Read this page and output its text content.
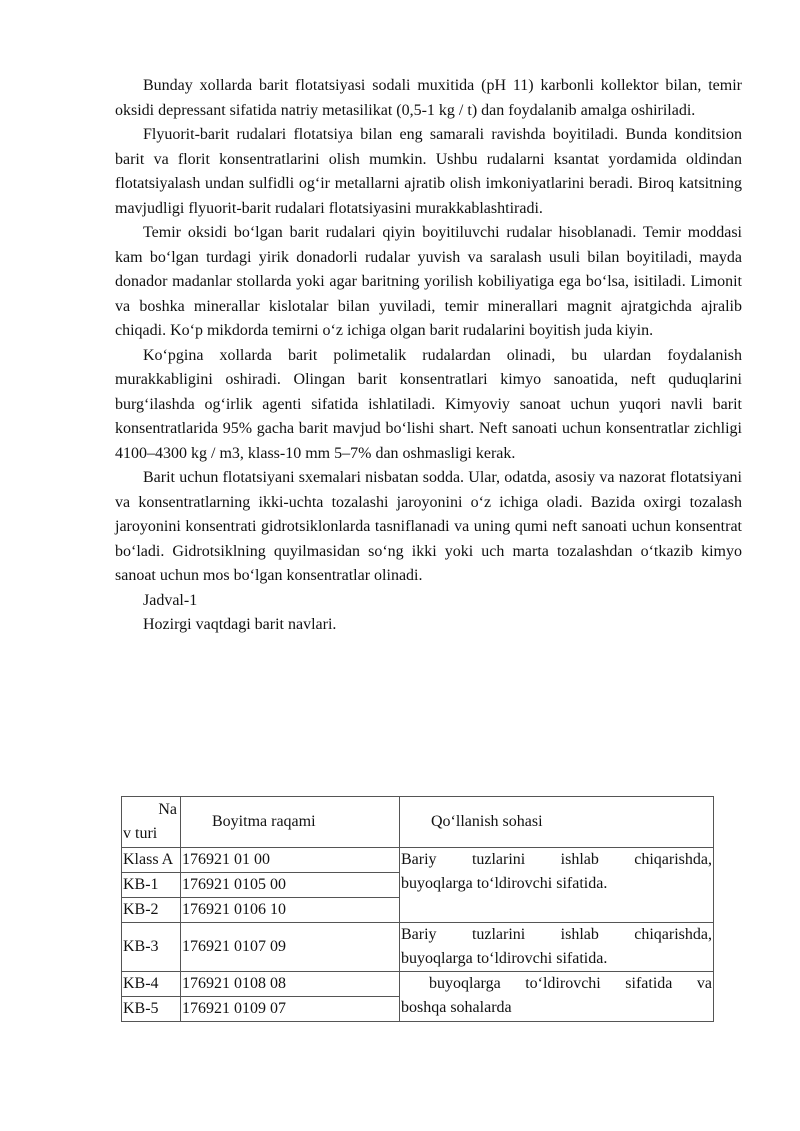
Bunday xollarda barit flotatsiyasi sodali muxitida (pH 11) karbonli kollektor bilan, temir oksidi depressant sifatida natriy metasilikat (0,5-1 kg / t) dan foydalanib amalga oshiriladi.

Flyuorit-barit rudalari flotatsiya bilan eng samarali ravishda boyitiladi. Bunda konditsion barit va florit konsentratlarini olish mumkin. Ushbu rudalarni ksantat yordamida oldindan flotatsiyalash undan sulfidli og‘ir metallarni ajratib olish imkoniyatlarini beradi. Biroq katsitning mavjudligi flyuorit-barit rudalari flotatsiyasini murakkablashtiradi.

Temir oksidi bo‘lgan barit rudalari qiyin boyitiluvchi rudalar hisoblanadi. Temir moddasi kam bo‘lgan turdagi yirik donadorli rudalar yuvish va saralash usuli bilan boyitiladi, mayda donador madanlar stollarda yoki agar baritning yorilish kobiliyatiga ega bo‘lsa, isitiladi. Limonit va boshka minerallar kislotalar bilan yuviladi, temir minerallari magnit ajratgichda ajralib chiqadi. Ko‘p mikdorda temirni o‘z ichiga olgan barit rudalarini boyitish juda kiyin.

Ko‘pgina xollarda barit polimetalik rudalardan olinadi, bu ulardan foydalanish murakkabligini oshiradi. Olingan barit konsentratlari kimyo sanoatida, neft quduqlarini burg‘ilashda og‘irlik agenti sifatida ishlatiladi. Kimyoviy sanoat uchun yuqori navli barit konsentratlarida 95% gacha barit mavjud bo‘lishi shart. Neft sanoati uchun konsentratlar zichligi 4100–4300 kg / m3, klass-10 mm 5–7% dan oshmasligi kerak.

Barit uchun flotatsiyani sxemalari nisbatan sodda. Ular, odatda, asosiy va nazorat flotatsiyani va konsentratlarning ikki-uchta tozalashi jaroyonini o‘z ichiga oladi. Bazida oxirgi tozalash jaroyonini konsentrati gidrotsiklonlarda tasniflanadi va uning qumi neft sanoati uchun konsentrat bo‘ladi. Gidrotsiklning quyilmasidan so‘ng ikki yoki uch marta tozalashdan o‘tkazib kimyo sanoat uchun mos bo‘lgan konsentratlar olinadi.

Jadval-1

Hozirgi vaqtdagi barit navlari.

Na
v turi	Boyitma raqami	Qo‘llanish sohasi
Klass A	176921 01 00	Bariy tuzlarini ishlab chiqarishda,
buyoqlarga to‘ldirovchi sifatida.

KB-1	176921 0105 00	
KB-2	176921 0106 10	
KB-3	176921 0107 09	Bariy tuzlarini ishlab chiqarishda,
buyoqlarga to‘ldirovchi sifatida.

KB-4	176921 0108 08	buyoqlarga to‘ldirovchi sifatida va
boshqa sohalarda

KB-5	176921 0109 07	
